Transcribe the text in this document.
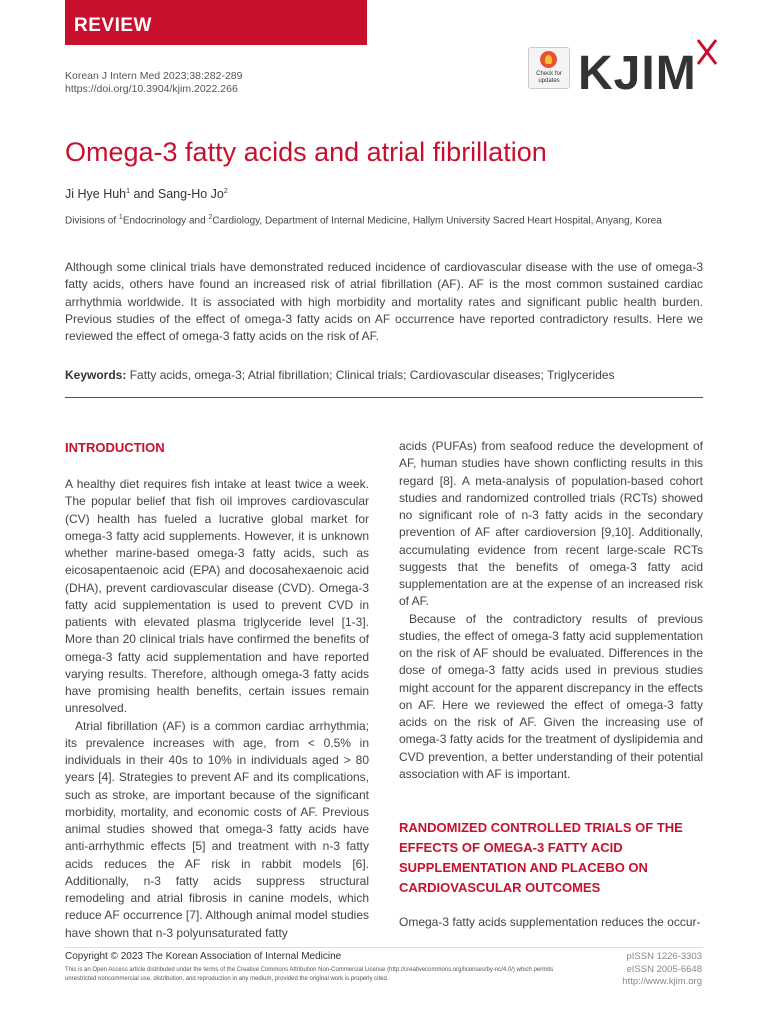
REVIEW
Korean J Intern Med 2023;38:282-289
https://doi.org/10.3904/kjim.2022.266
Check for
updates KJIM
Omega-3 fatty acids and atrial fibrillation
Ji Hye Huh$^1$ and Sang-Ho Jo$^2$
Divisions of $^1$Endocrinology and $^2$Cardiology, Department of Internal Medicine, Hallym University Sacred Heart Hospital, Anyang, Korea
Although some clinical trials have demonstrated reduced incidence of cardiovascular disease with the use of omega-3 fatty acids, others have found an increased risk of atrial fibrillation (AF). AF is the most common sustained cardiac arrhythmia worldwide. It is associated with high morbidity and mortality rates and significant public health burden. Previous studies of the effect of omega-3 fatty acids on AF occurrence have reported contradictory results. Here we reviewed the effect of omega-3 fatty acids on the risk of AF.
Keywords: Fatty acids, omega-3; Atrial fibrillation; Clinical trials; Cardiovascular diseases; Triglycerides

INTRODUCTION

A healthy diet requires fish intake at least twice a week. The popular belief that fish oil improves cardiovascular (CV) health has fueled a lucrative global market for omega-3 fatty acid supplements. However, it is unknown whether marine-based omega-3 fatty acids, such as eicosapentaenoic acid (EPA) and docosahexaenoic acid (DHA), prevent cardiovascular disease (CVD). Omega-3 fatty acid supplementation is used to prevent CVD in patients with elevated plasma triglyceride level [1-3]. More than 20 clinical trials have confirmed the benefits of omega-3 fatty acid supplementation and have reported varying results. Therefore, although omega-3 fatty acids have promising health benefits, certain issues remain unresolved.

Atrial fibrillation (AF) is a common cardiac arrhythmia; its prevalence increases with age, from < 0.5% in individuals in their 40s to 10% in individuals aged > 80 years [4]. Strategies to prevent AF and its complications, such as stroke, are important because of the significant morbidity, mortality, and economic costs of AF. Previous animal studies showed that omega-3 fatty acids have anti-arrhythmic effects [5] and treatment with n-3 fatty acids reduces the AF risk in rabbit models [6]. Additionally, n-3 fatty acids suppress structural remodeling and atrial fibrosis in canine models, which reduce AF occurrence [7]. Although animal model studies have shown that n-3 polyunsaturated fatty

acids (PUFAs) from seafood reduce the development of AF, human studies have shown conflicting results in this regard [8]. A meta-analysis of population-based cohort studies and randomized controlled trials (RCTs) showed no significant role of n-3 fatty acids in the secondary prevention of AF after cardioversion [9,10]. Additionally, accumulating evidence from recent large-scale RCTs suggests that the benefits of omega-3 fatty acid supplementation are at the expense of an increased risk of AF.

Because of the contradictory results of previous studies, the effect of omega-3 fatty acid supplementation on the risk of AF should be evaluated. Differences in the dose of omega-3 fatty acids used in previous studies might account for the apparent discrepancy in the effects on AF. Here we reviewed the effect of omega-3 fatty acids on the risk of AF. Given the increasing use of omega-3 fatty acids for the treatment of dyslipidemia and CVD prevention, a better understanding of their potential association with AF is important.

RANDOMIZED CONTROLLED TRIALS OF THE EFFECTS OF OMEGA-3 FATTY ACID SUPPLEMENTATION AND PLACEBO ON CARDIOVASCULAR OUTCOMES

Omega-3 fatty acids supplementation reduces the occur-

Copyright © 2023 The Korean Association of Internal Medicine
This is an Open Access article distributed under the terms of the Creative Commons Attribution Non-Commercial License (http://creativecommons.org/licenses/by-nc/4.0/) which permits unrestricted noncommercial use, distribution, and reproduction in any medium, provided the original work is properly cited.
pISSN 1226-3303
eISSN 2005-6648
http://www.kjim.org
